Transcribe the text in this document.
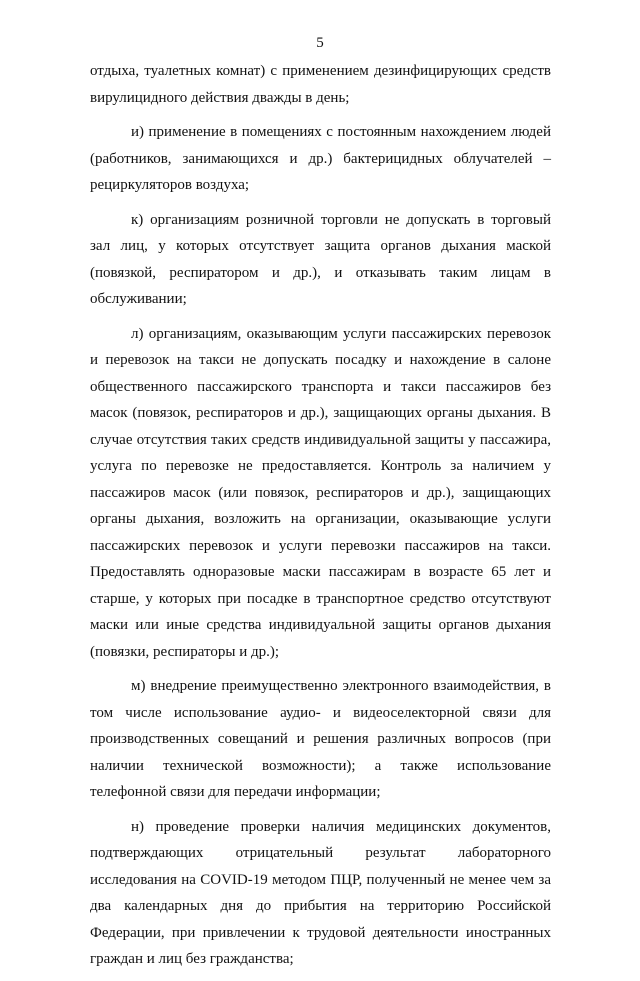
5

отдыха, туалетных комнат) с применением дезинфицирующих средств вирулицидного действия дважды в день;

и) применение в помещениях с постоянным нахождением людей (работников, занимающихся и др.) бактерицидных облучателей – рециркуляторов воздуха;

к) организациям розничной торговли не допускать в торговый зал лиц, у которых отсутствует защита органов дыхания маской (повязкой, респиратором и др.), и отказывать таким лицам в обслуживании;

л) организациям, оказывающим услуги пассажирских перевозок и перевозок на такси не допускать посадку и нахождение в салоне общественного пассажирского транспорта и такси пассажиров без масок (повязок, респираторов и др.), защищающих органы дыхания. В случае отсутствия таких средств индивидуальной защиты у пассажира, услуга по перевозке не предоставляется. Контроль за наличием у пассажиров масок (или повязок, респираторов и др.), защищающих органы дыхания, возложить на организации, оказывающие услуги пассажирских перевозок и услуги перевозки пассажиров на такси. Предоставлять одноразовые маски пассажирам в возрасте 65 лет и старше, у которых при посадке в транспортное средство отсутствуют маски или иные средства индивидуальной защиты органов дыхания (повязки, респираторы и др.);

м) внедрение преимущественно электронного взаимодействия, в том числе использование аудио- и видеоселекторной связи для производственных совещаний и решения различных вопросов (при наличии технической возможности); а также использование телефонной связи для передачи информации;

н) проведение проверки наличия медицинских документов, подтверждающих отрицательный результат лабораторного исследования на COVID-19 методом ПЦР, полученный не менее чем за два календарных дня до прибытия на территорию Российской Федерации, при привлечении к трудовой деятельности иностранных граждан и лиц без гражданства;
